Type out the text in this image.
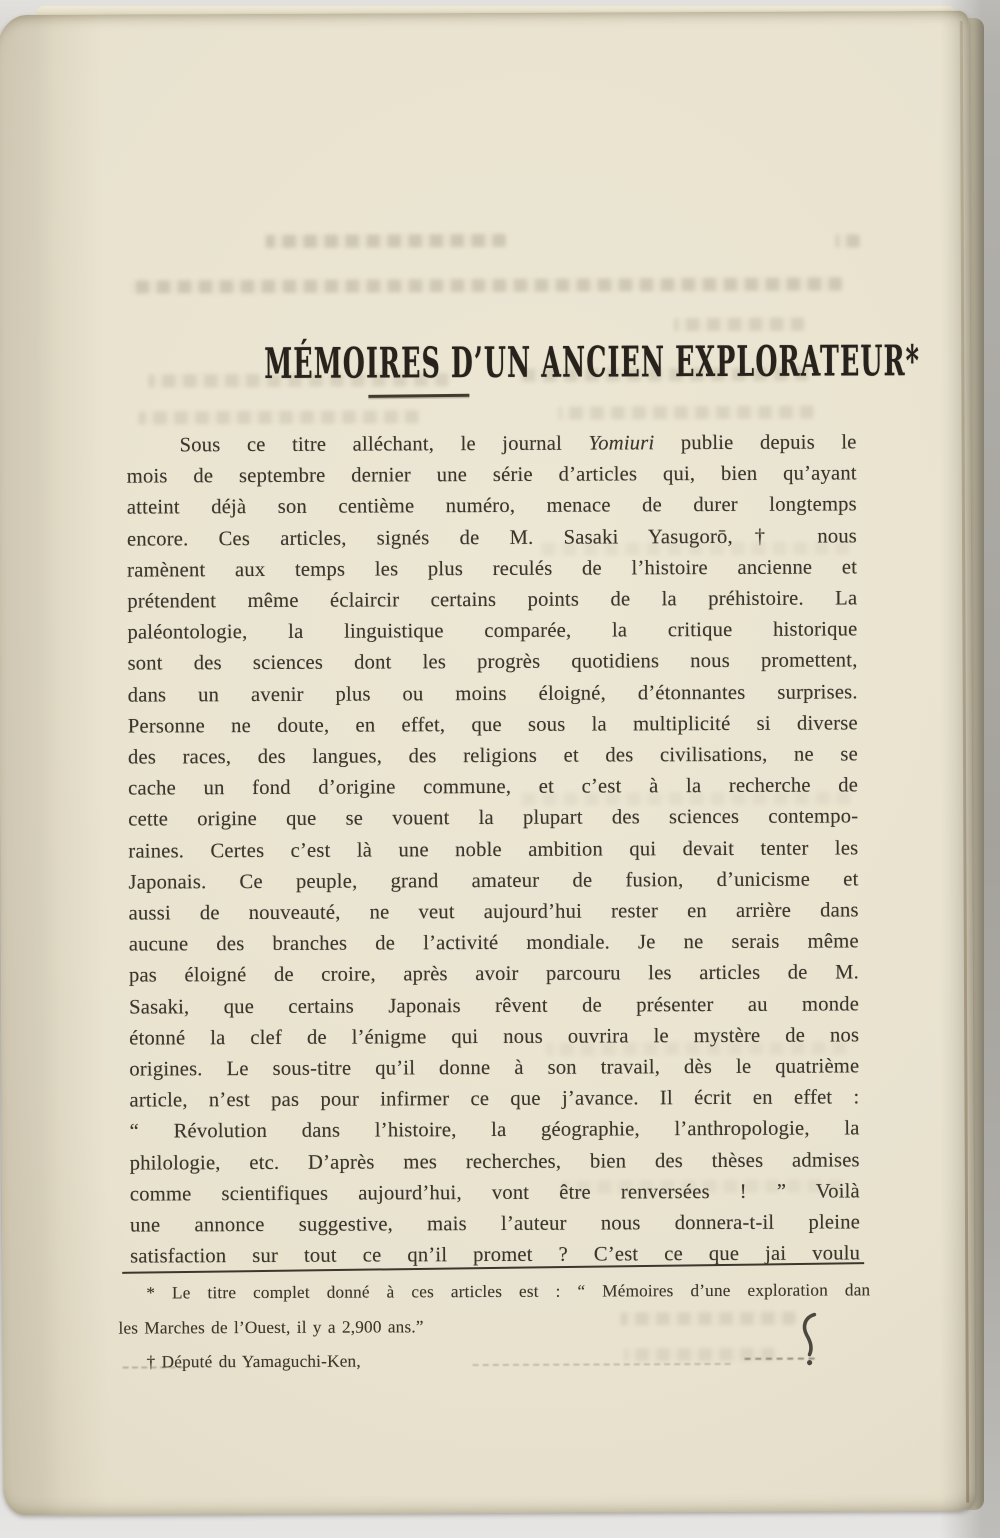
MÉMOIRES D’UN ANCIEN EXPLORATEUR*
Sous ce titre alléchant, le journal Yomiuri publie depuis le
mois de septembre dernier une série d’articles qui, bien qu’ayant
atteint déjà son centième numéro, menace de durer longtemps
encore. Ces articles, signés de M. Sasaki Yasugorō,† nous
ramènent aux temps les plus reculés de l’histoire ancienne et
prétendent même éclaircir certains points de la préhistoire. La
paléontologie, la linguistique comparée, la critique historique
sont des sciences dont les progrès quotidiens nous promettent,
dans un avenir plus ou moins éloigné, d’étonnantes surprises.
Personne ne doute, en effet, que sous la multiplicité si diverse
des races, des langues, des religions et des civilisations, ne se
cache un fond d’origine commune, et c’est à la recherche de
cette origine que se vouent la plupart des sciences contempo-
raines. Certes c’est là une noble ambition qui devait tenter les
Japonais. Ce peuple, grand amateur de fusion, d’unicisme et
aussi de nouveauté, ne veut aujourd’hui rester en arrière dans
aucune des branches de l’activité mondiale. Je ne serais même
pas éloigné de croire, après avoir parcouru les articles de M.
Sasaki, que certains Japonais rêvent de présenter au monde
étonné la clef de l’énigme qui nous ouvrira le mystère de nos
origines. Le sous-titre qu’il donne à son travail, dès le quatrième
article, n’est pas pour infirmer ce que j’avance. Il écrit en effet :
“ Révolution dans l’histoire, la géographie, l’anthropologie, la
philologie, etc. D’après mes recherches, bien des thèses admises
comme scientifiques aujourd’hui, vont être renversées ! ” Voilà
une annonce suggestive, mais l’auteur nous donnera-t-il pleine
satisfaction sur tout ce qn’il promet ? C’est ce que jai voulu
* Le titre complet donné à ces articles est : “ Mémoires d’une exploration dan
les Marches de l’Ouest, il y a 2,900 ans.”
† Député du Yamaguchi-Ken,
